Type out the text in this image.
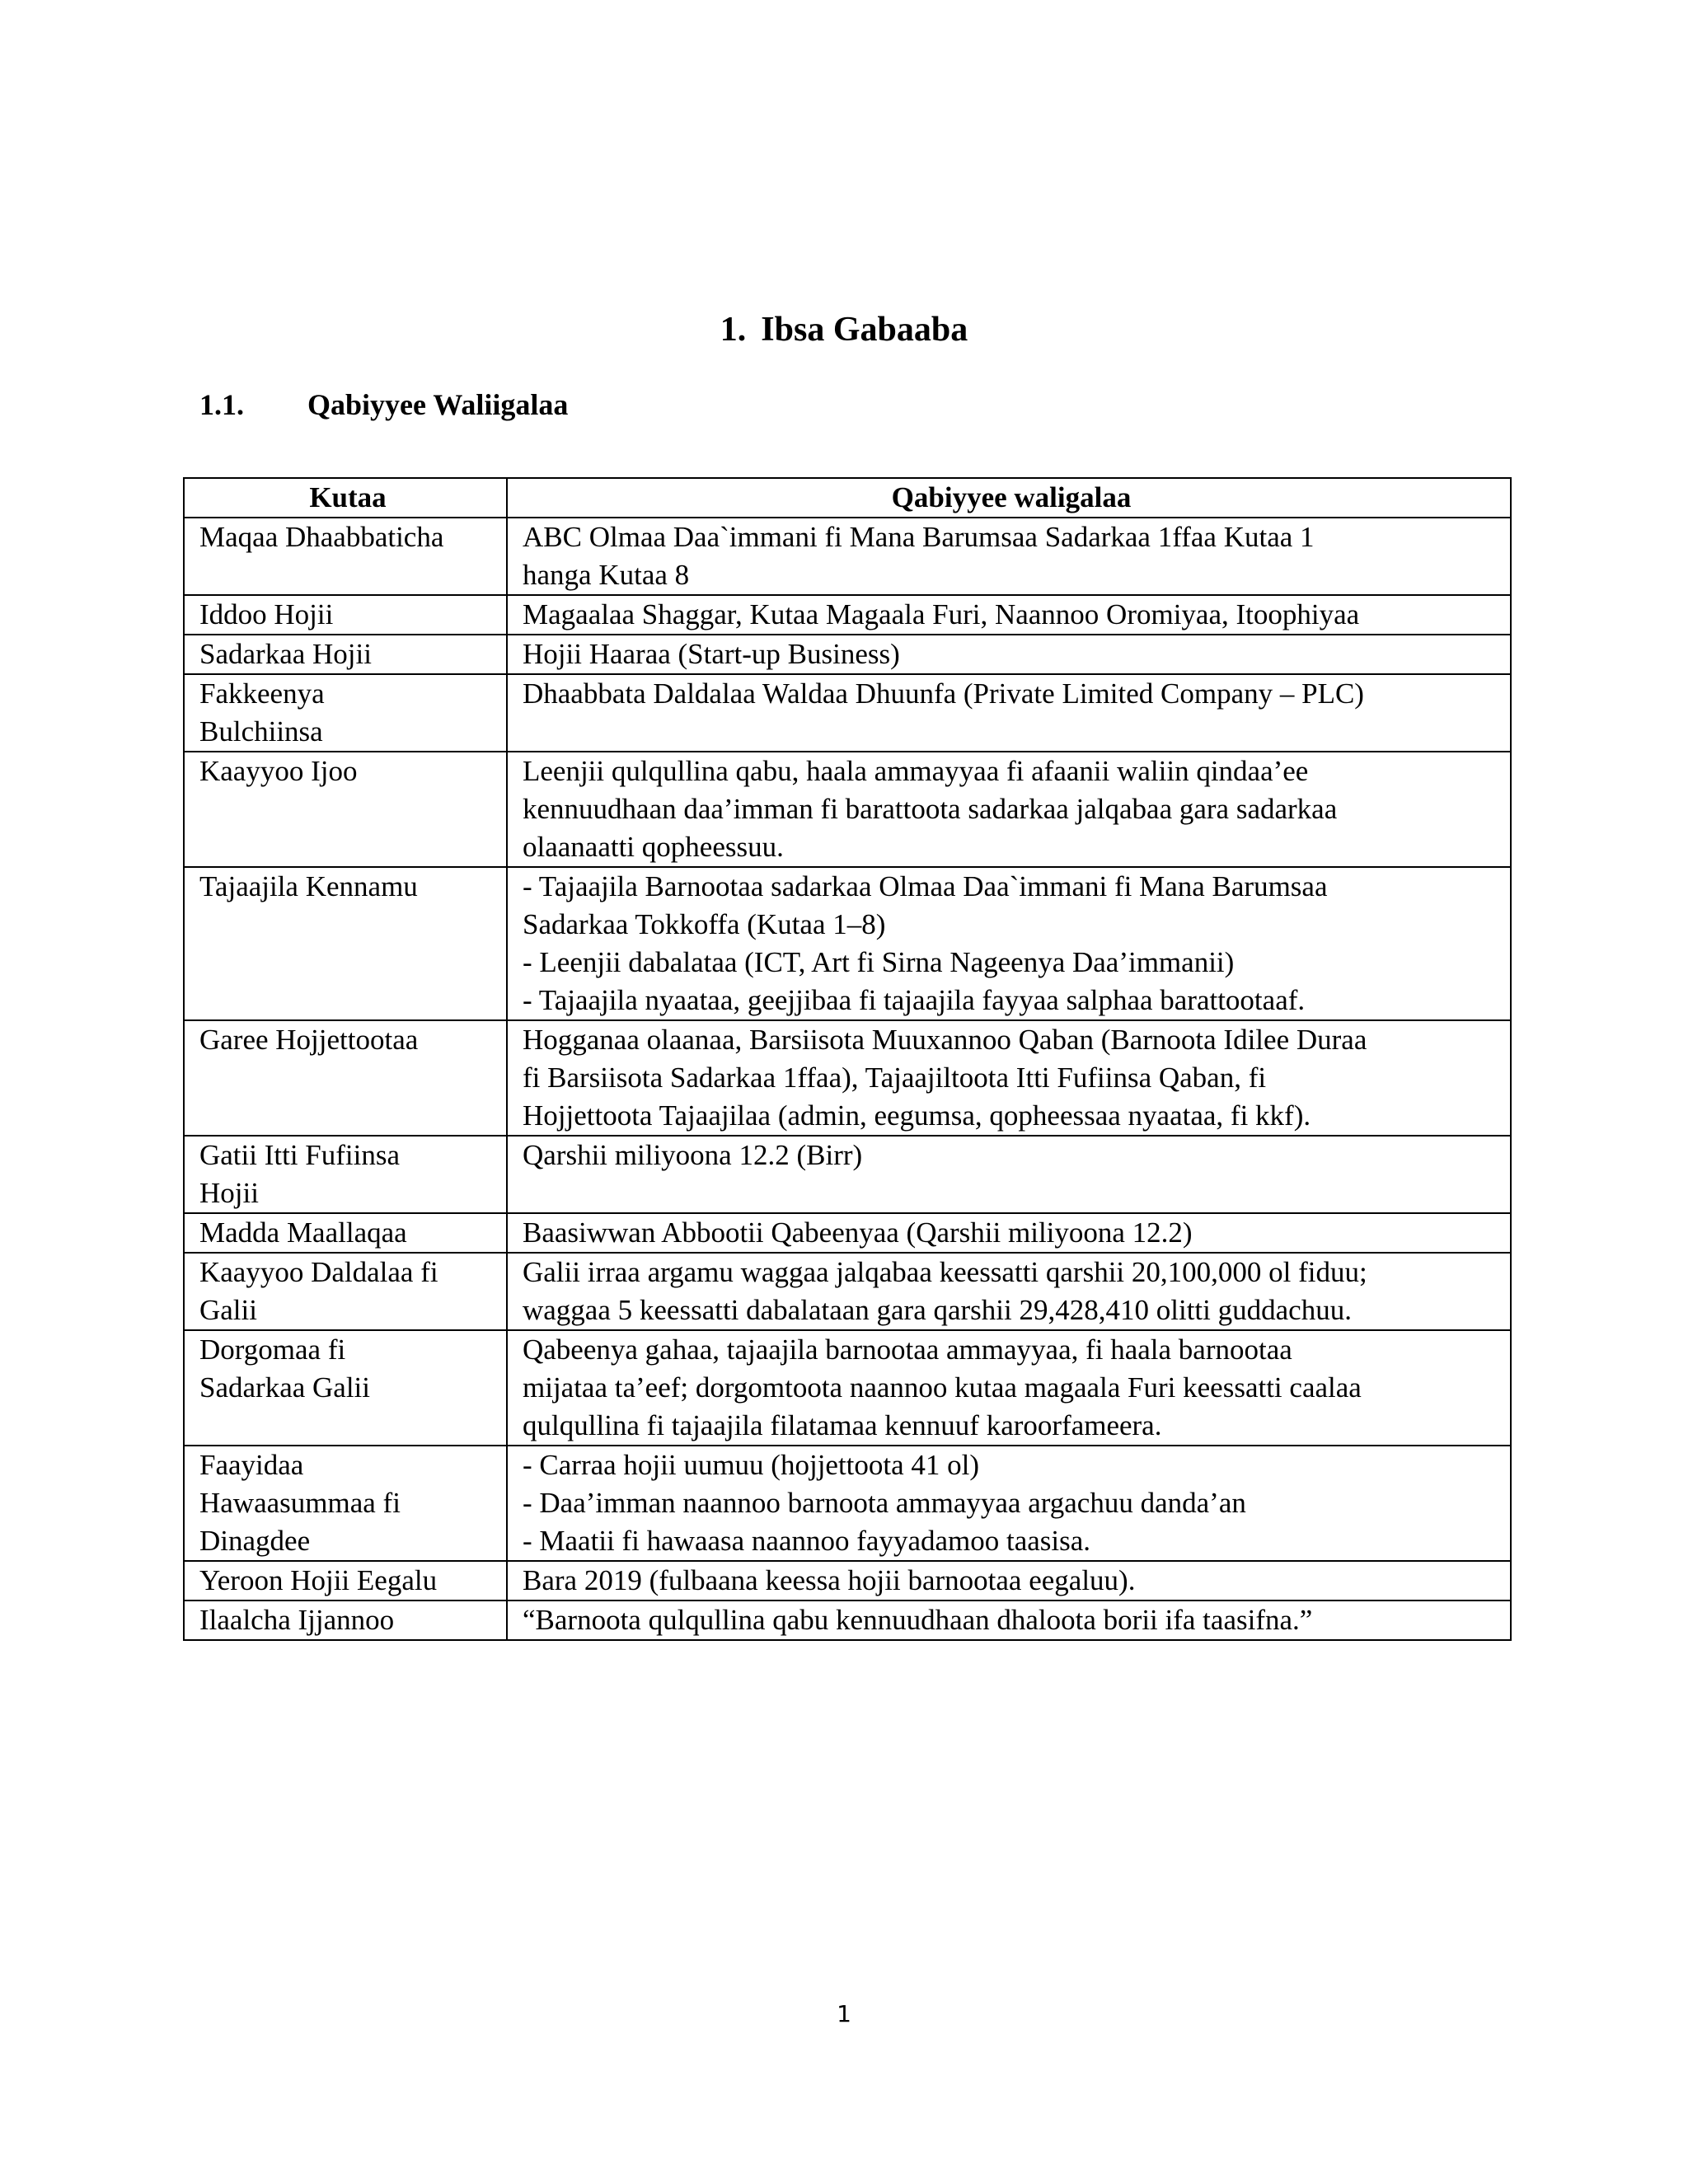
1. Ibsa Gabaaba
1.1. Qabiyyee Waliigalaa
Kutaa	Qabiyyee waligalaa

Maqaa Dhaabbaticha	ABC Olmaa Daa`immani fi Mana Barumsaa Sadarkaa 1ffaa Kutaa 1
hanga Kutaa 8

Iddoo Hojii	Magaalaa Shaggar, Kutaa Magaala Furi, Naannoo Oromiyaa, Itoophiyaa

Sadarkaa Hojii	Hojii Haaraa (Start-up Business)

Fakkeenya
Bulchiinsa	Dhaabbata Daldalaa Waldaa Dhuunfa (Private Limited Company – PLC)

Kaayyoo Ijoo	Leenjii qulqullina qabu, haala ammayyaa fi afaanii waliin qindaa’ee
kennuudhaan daa’imman fi barattoota sadarkaa jalqabaa gara sadarkaa
olaanaatti qopheessuu.

Tajaajila Kennamu	- Tajaajila Barnootaa sadarkaa Olmaa Daa`immani fi Mana Barumsaa
Sadarkaa Tokkoffa (Kutaa 1–8)
- Leenjii dabalataa (ICT, Art fi Sirna Nageenya Daa’immanii)
- Tajaajila nyaataa, geejjibaa fi tajaajila fayyaa salphaa barattootaaf.

Garee Hojjettootaa	Hogganaa olaanaa, Barsiisota Muuxannoo Qaban (Barnoota Idilee Duraa
fi Barsiisota Sadarkaa 1ffaa), Tajaajiltoota Itti Fufiinsa Qaban, fi
Hojjettoota Tajaajilaa (admin, eegumsa, qopheessaa nyaataa, fi kkf).

Gatii Itti Fufiinsa
Hojii	Qarshii miliyoona 12.2 (Birr)

Madda Maallaqaa	Baasiwwan Abbootii Qabeenyaa (Qarshii miliyoona 12.2)

Kaayyoo Daldalaa fi
Galii	Galii irraa argamu waggaa jalqabaa keessatti qarshii 20,100,000 ol fiduu;
waggaa 5 keessatti dabalataan gara qarshii 29,428,410 olitti guddachuu.

Dorgomaa fi
Sadarkaa Galii	Qabeenya gahaa, tajaajila barnootaa ammayyaa, fi haala barnootaa
mijataa ta’eef; dorgomtoota naannoo kutaa magaala Furi keessatti caalaa
qulqullina fi tajaajila filatamaa kennuuf karoorfameera.

Faayidaa
Hawaasummaa fi
Dinagdee	- Carraa hojii uumuu (hojjettoota 41 ol)
- Daa’imman naannoo barnoota ammayyaa argachuu danda’an
- Maatii fi hawaasa naannoo fayyadamoo taasisa.

Yeroon Hojii Eegalu	Bara 2019 (fulbaana keessa hojii barnootaa eegaluu).

Ilaalcha Ijjannoo	“Barnoota qulqullina qabu kennuudhaan dhaloota borii ifa taasifna.”
1
